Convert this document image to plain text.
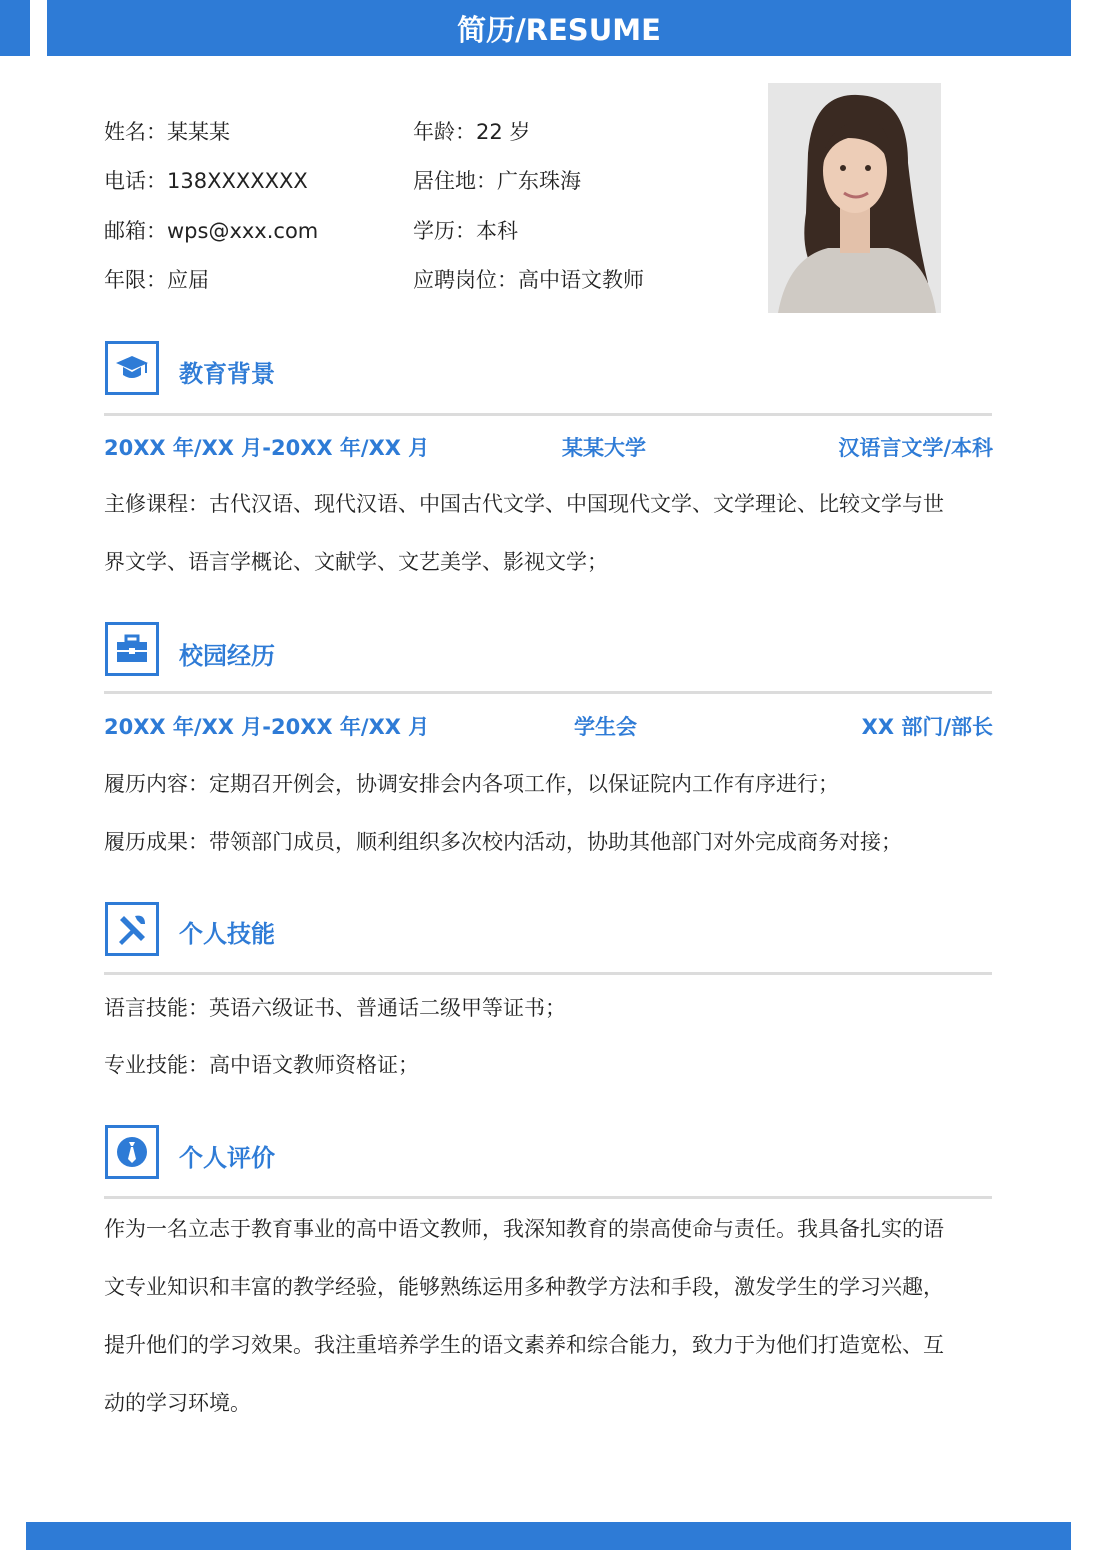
简历/RESUME
姓名：某某某	年龄：22 岁
电话：138XXXXXXX	居住地：广东珠海
邮箱：wps@xxx.com	学历：本科
年限：应届	应聘岗位：高中语文教师
教育背景
20XX 年/XX 月-20XX 年/XX 月	某某大学	汉语言文学/本科
主修课程：古代汉语、现代汉语、中国古代文学、中国现代文学、文学理论、比较文学与世
界文学、语言学概论、文献学、文艺美学、影视文学；
校园经历
20XX 年/XX 月-20XX 年/XX 月	学生会	XX 部门/部长
履历内容：定期召开例会，协调安排会内各项工作，以保证院内工作有序进行；
履历成果：带领部门成员，顺利组织多次校内活动，协助其他部门对外完成商务对接；
个人技能
语言技能：英语六级证书、普通话二级甲等证书；
专业技能：高中语文教师资格证；
个人评价
作为一名立志于教育事业的高中语文教师，我深知教育的崇高使命与责任。我具备扎实的语
文专业知识和丰富的教学经验，能够熟练运用多种教学方法和手段，激发学生的学习兴趣，
提升他们的学习效果。我注重培养学生的语文素养和综合能力，致力于为他们打造宽松、互
动的学习环境。
